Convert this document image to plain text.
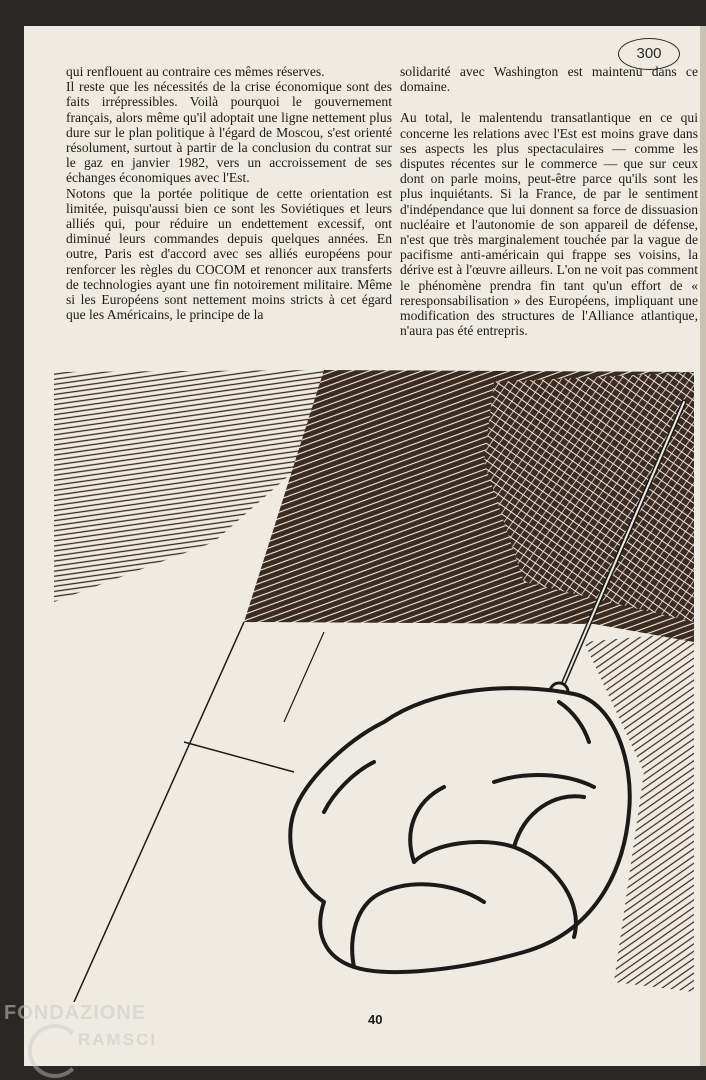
300

qui renflouent au contraire ces mêmes réserves.

Il reste que les nécessités de la crise économique sont des faits irrépressibles. Voilà pourquoi le gouvernement français, alors même qu'il adoptait une ligne nettement plus dure sur le plan politique à l'égard de Moscou, s'est orienté résolument, surtout à partir de la conclusion du contrat sur le gaz en janvier 1982, vers un accroissement de ses échanges économiques avec l'Est.

Notons que la portée politique de cette orientation est limitée, puisqu'aussi bien ce sont les Soviétiques et leurs alliés qui, pour réduire un endettement excessif, ont diminué leurs commandes depuis quelques années. En outre, Paris est d'accord avec ses alliés européens pour renforcer les règles du COCOM et renoncer aux transferts de technologies ayant une fin notoirement militaire. Même si les Européens sont nettement moins stricts à cet égard que les Américains, le principe de la

solidarité avec Washington est maintenu dans ce domaine.

Au total, le malentendu transatlantique en ce qui concerne les relations avec l'Est est moins grave dans ses aspects les plus spectaculaires — comme les disputes récentes sur le commerce — que sur ceux dont on parle moins, peut-être parce qu'ils sont les plus inquiétants. Si la France, de par le sentiment d'indépendance que lui donnent sa force de dissuasion nucléaire et l'autonomie de son appareil de défense, n'est que très marginalement touchée par la vague de pacifisme anti-américain qui frappe ses voisins, la dérive est à l'œuvre ailleurs. L'on ne voit pas comment le phénomène prendra fin tant qu'un effort de « reresponsabilisation » des Européens, impliquant une modification des structures de l'Alliance atlantique, n'aura pas été entrepris.

40
FONDAZIONE
RAMSCI
